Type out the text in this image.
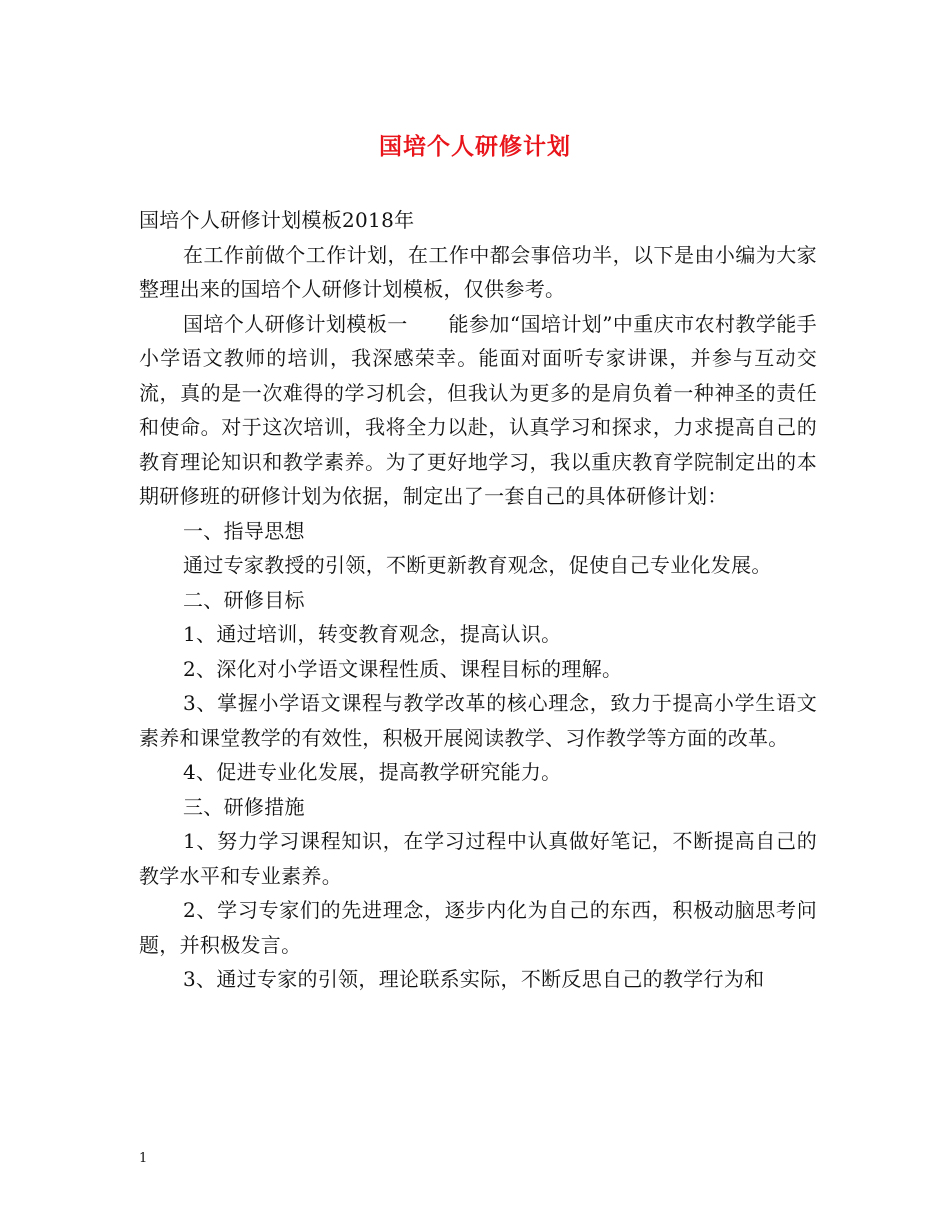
国培个人研修计划

国培个人研修计划模板2018年

在工作前做个工作计划，在工作中都会事倍功半，以下是由小编为大家整理出来的国培个人研修计划模板，仅供参考。

国培个人研修计划模板一　　能参加“国培计划”中重庆市农村教学能手小学语文教师的培训，我深感荣幸。能面对面听专家讲课，并参与互动交流，真的是一次难得的学习机会，但我认为更多的是肩负着一种神圣的责任和使命。对于这次培训，我将全力以赴，认真学习和探求，力求提高自己的教育理论知识和教学素养。为了更好地学习，我以重庆教育学院制定出的本期研修班的研修计划为依据，制定出了一套自己的具体研修计划：

一、指导思想

通过专家教授的引领，不断更新教育观念，促使自己专业化发展。

二、研修目标

1、通过培训，转变教育观念，提高认识。

2、深化对小学语文课程性质、课程目标的理解。

3、掌握小学语文课程与教学改革的核心理念，致力于提高小学生语文素养和课堂教学的有效性，积极开展阅读教学、习作教学等方面的改革。

4、促进专业化发展，提高教学研究能力。

三、研修措施

1、努力学习课程知识，在学习过程中认真做好笔记，不断提高自己的教学水平和专业素养。

2、学习专家们的先进理念，逐步内化为自己的东西，积极动脑思考问题，并积极发言。

3、通过专家的引领，理论联系实际，不断反思自己的教学行为和

1
